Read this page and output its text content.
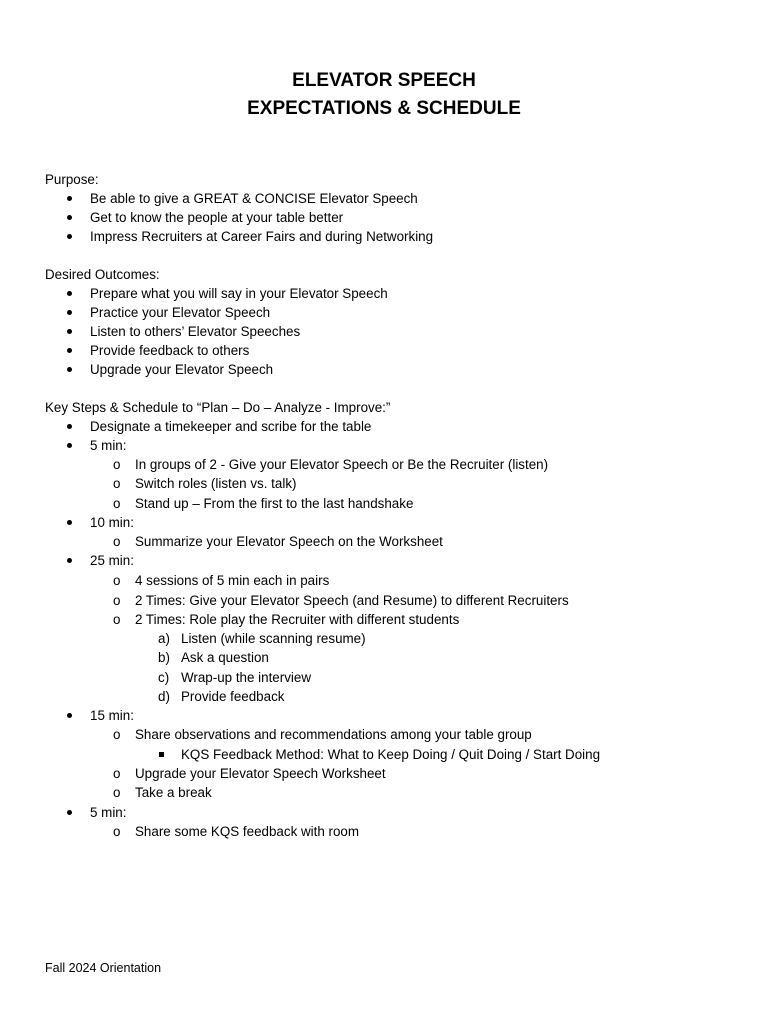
ELEVATOR SPEECH
EXPECTATIONS & SCHEDULE
Purpose:
Be able to give a GREAT & CONCISE Elevator Speech
Get to know the people at your table better
Impress Recruiters at Career Fairs and during Networking
Desired Outcomes:
Prepare what you will say in your Elevator Speech
Practice your Elevator Speech
Listen to others’ Elevator Speeches
Provide feedback to others
Upgrade your Elevator Speech
Key Steps & Schedule to “Plan – Do – Analyze - Improve:”
Designate a timekeeper and scribe for the table
5 min:
o In groups of 2 - Give your Elevator Speech or Be the Recruiter (listen)
o Switch roles (listen vs. talk)
o Stand up – From the first to the last handshake
10 min:
o Summarize your Elevator Speech on the Worksheet
25 min:
o 4 sessions of 5 min each in pairs
o 2 Times: Give your Elevator Speech (and Resume) to different Recruiters
o 2 Times: Role play the Recruiter with different students
a) Listen (while scanning resume)
b) Ask a question
c) Wrap-up the interview
d) Provide feedback
15 min:
o Share observations and recommendations among your table group
KQS Feedback Method: What to Keep Doing / Quit Doing / Start Doing
o Upgrade your Elevator Speech Worksheet
o Take a break
5 min:
o Share some KQS feedback with room
Fall 2024 Orientation
